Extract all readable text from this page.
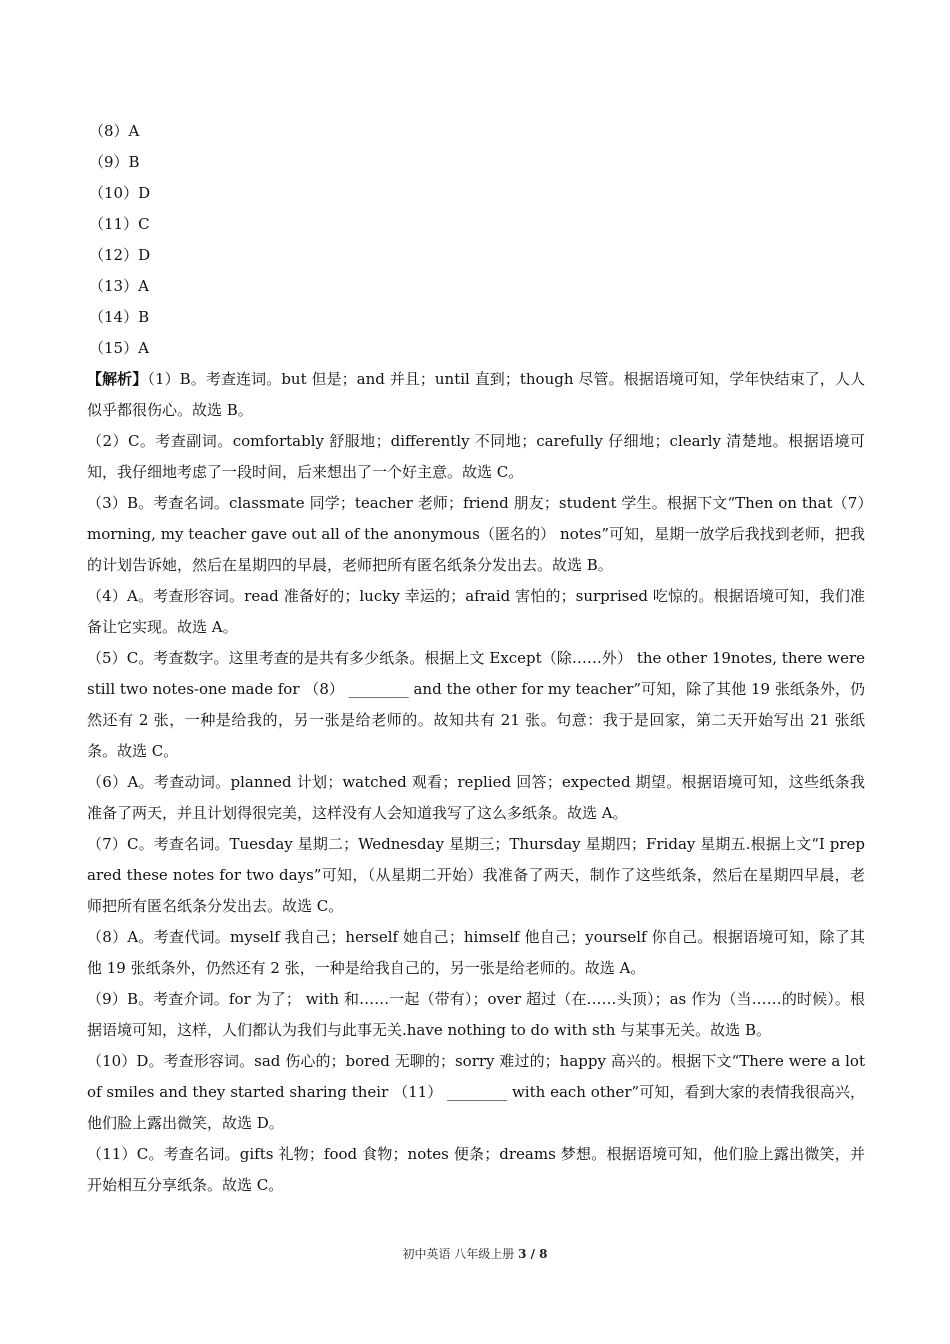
（8）A
（9）B
（10）D
（11）C
（12）D
（13）A
（14）B
（15）A
【解析】（1）B。考查连词。but 但是；and 并且；until 直到；though 尽管。根据语境可知，学年快结束了，人人似乎都很伤心。故选 B。
（2）C。考查副词。comfortably 舒服地；differently 不同地；carefully 仔细地；clearly 清楚地。根据语境可知，我仔细地考虑了一段时间，后来想出了一个好主意。故选 C。
（3）B。考查名词。classmate 同学；teacher 老师；friend 朋友；student 学生。根据下文“Then on that（7）morning, my teacher gave out all of the anonymous（匿名的） notes”可知，星期一放学后我找到老师，把我的计划告诉她，然后在星期四的早晨，老师把所有匿名纸条分发出去。故选 B。
（4）A。考查形容词。read 准备好的；lucky 幸运的；afraid 害怕的；surprised 吃惊的。根据语境可知，我们准备让它实现。故选 A。
（5）C。考查数字。这里考查的是共有多少纸条。根据上文 Except（除……外） the other 19notes, there were still two notes-one made for （8） ________ and the other for my teacher”可知，除了其他 19 张纸条外，仍然还有 2 张，一种是给我的，另一张是给老师的。故知共有 21 张。句意：我于是回家，第二天开始写出 21 张纸条。故选 C。
（6）A。考查动词。planned 计划；watched 观看；replied 回答；expected 期望。根据语境可知，这些纸条我准备了两天，并且计划得很完美，这样没有人会知道我写了这么多纸条。故选 A。
（7）C。考查名词。Tuesday 星期二；Wednesday 星期三；Thursday 星期四；Friday 星期五.根据上文“I prepared these notes for two days”可知，（从星期二开始）我准备了两天，制作了这些纸条，然后在星期四早晨，老师把所有匿名纸条分发出去。故选 C。
（8）A。考查代词。myself 我自己；herself 她自己；himself 他自己；yourself 你自己。根据语境可知，除了其他 19 张纸条外，仍然还有 2 张，一种是给我自己的，另一张是给老师的。故选 A。
（9）B。考查介词。for 为了； with 和……一起（带有）；over 超过（在……头顶）；as 作为（当……的时候）。根据语境可知，这样，人们都认为我们与此事无关.have nothing to do with sth 与某事无关。故选 B。
（10）D。考查形容词。sad 伤心的；bored 无聊的；sorry 难过的；happy 高兴的。根据下文“There were a lot of smiles and they started sharing their （11） ________ with each other”可知，看到大家的表情我很高兴，他们脸上露出微笑，故选 D。
（11）C。考查名词。gifts 礼物；food 食物；notes 便条；dreams 梦想。根据语境可知，他们脸上露出微笑，并开始相互分享纸条。故选 C。
初中英语 八年级上册 3 / 8
